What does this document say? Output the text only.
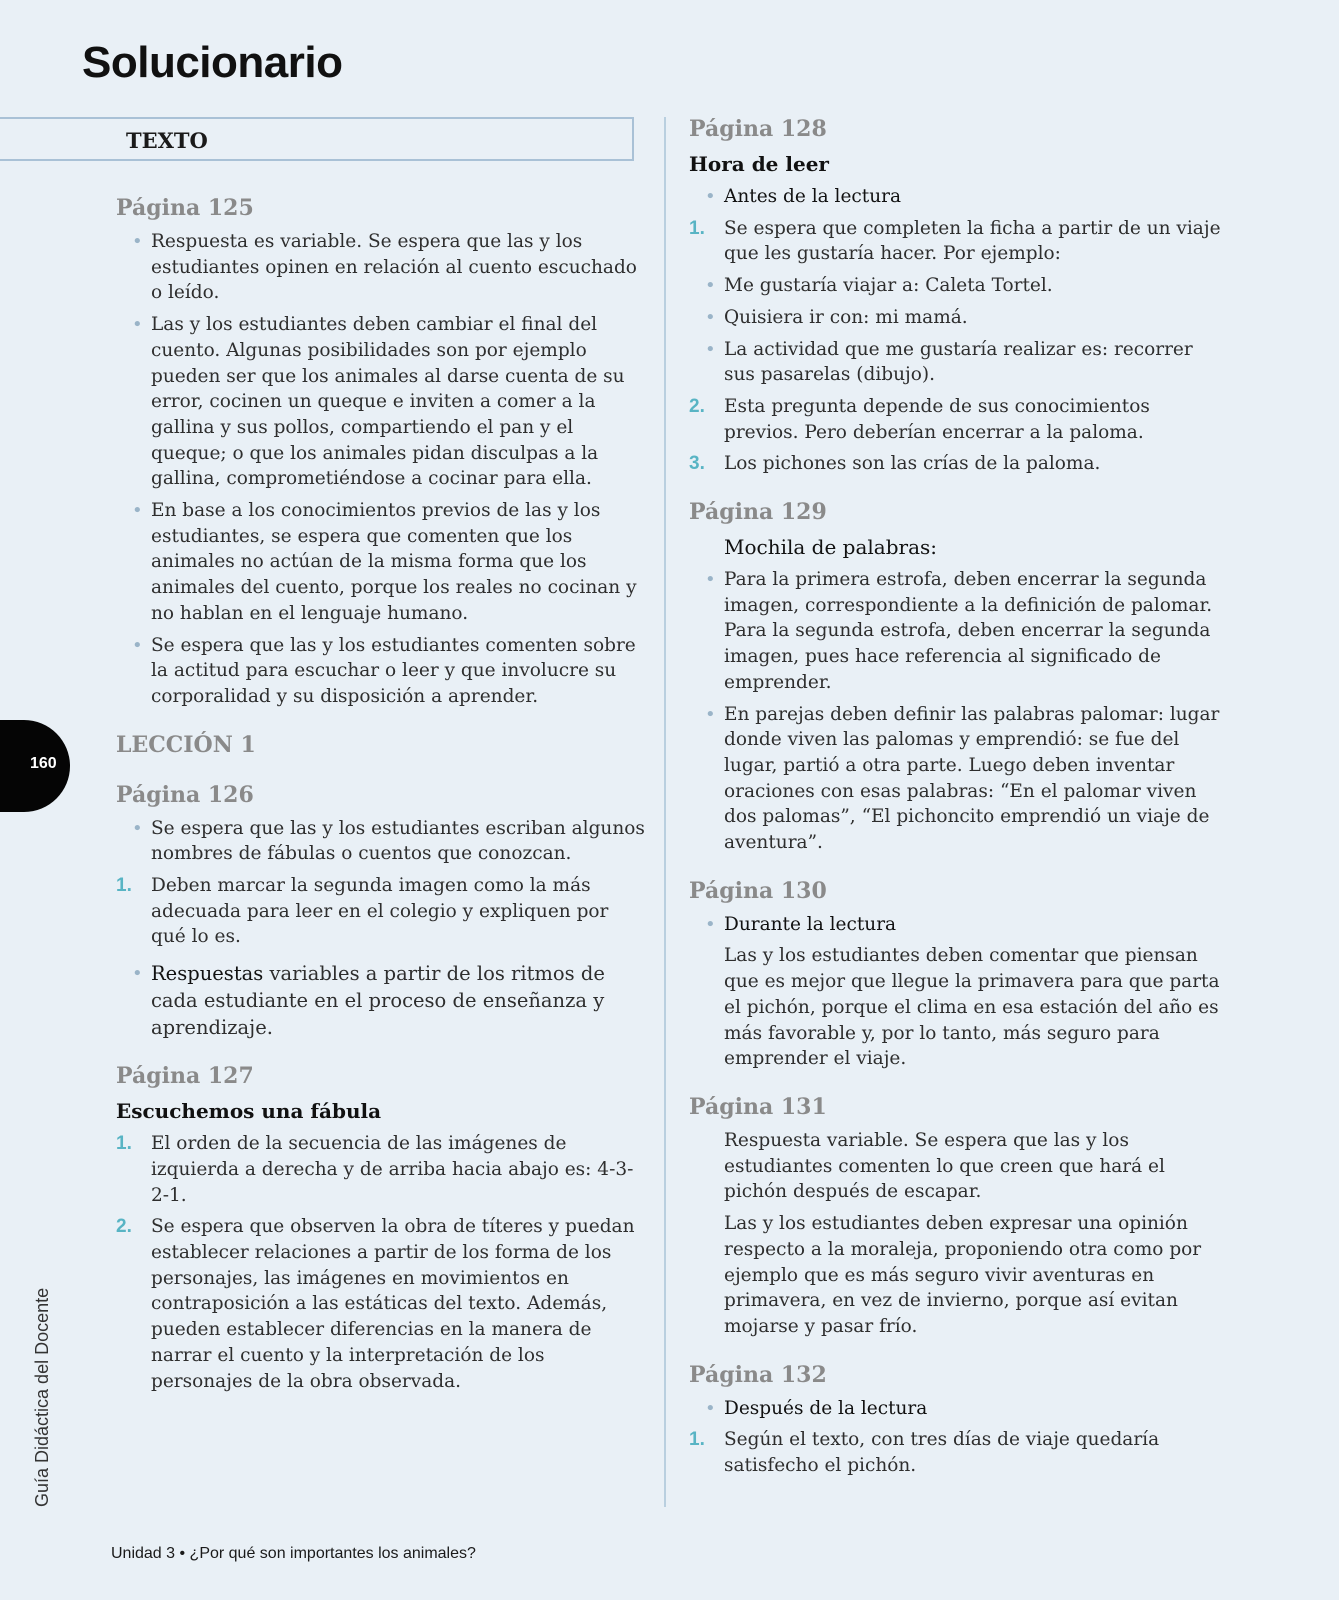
Solucionario
TEXTO
Página 125
• Respuesta es variable. Se espera que las y los estudiantes opinen en relación al cuento escuchado o leído.
• Las y los estudiantes deben cambiar el final del cuento. Algunas posibilidades son por ejemplo pueden ser que los animales al darse cuenta de su error, cocinen un queque e inviten a comer a la gallina y sus pollos, compartiendo el pan y el queque; o que los animales pidan disculpas a la gallina, comprometiéndose a cocinar para ella.
• En base a los conocimientos previos de las y los estudiantes, se espera que comenten que los animales no actúan de la misma forma que los animales del cuento, porque los reales no cocinan y no hablan en el lenguaje humano.
• Se espera que las y los estudiantes comenten sobre la actitud para escuchar o leer y que involucre su corporalidad y su disposición a aprender.
LECCIÓN 1
Página 126
• Se espera que las y los estudiantes escriban algunos nombres de fábulas o cuentos que conozcan.
1. Deben marcar la segunda imagen como la más adecuada para leer en el colegio y expliquen por qué lo es.
• Respuestas variables a partir de los ritmos de cada estudiante en el proceso de enseñanza y aprendizaje.
Página 127
Escuchemos una fábula
1. El orden de la secuencia de las imágenes de izquierda a derecha y de arriba hacia abajo es: 4-3-2-1.
2. Se espera que observen la obra de títeres y puedan establecer relaciones a partir de los forma de los personajes, las imágenes en movimientos en contraposición a las estáticas del texto. Además, pueden establecer diferencias en la manera de narrar el cuento y la interpretación de los personajes de la obra observada.
Página 128
Hora de leer
• Antes de la lectura
1. Se espera que completen la ficha a partir de un viaje que les gustaría hacer. Por ejemplo:
• Me gustaría viajar a: Caleta Tortel.
• Quisiera ir con: mi mamá.
• La actividad que me gustaría realizar es: recorrer sus pasarelas (dibujo).
2. Esta pregunta depende de sus conocimientos previos. Pero deberían encerrar a la paloma.
3. Los pichones son las crías de la paloma.
Página 129
Mochila de palabras:
• Para la primera estrofa, deben encerrar la segunda imagen, correspondiente a la definición de palomar. Para la segunda estrofa, deben encerrar la segunda imagen, pues hace referencia al significado de emprender.
• En parejas deben definir las palabras palomar: lugar donde viven las palomas y emprendió: se fue del lugar, partió a otra parte. Luego deben inventar oraciones con esas palabras: “En el palomar viven dos palomas”, “El pichoncito emprendió un viaje de aventura”.
Página 130
• Durante la lectura
Las y los estudiantes deben comentar que piensan que es mejor que llegue la primavera para que parta el pichón, porque el clima en esa estación del año es más favorable y, por lo tanto, más seguro para emprender el viaje.
Página 131
Respuesta variable. Se espera que las y los estudiantes comenten lo que creen que hará el pichón después de escapar.
Las y los estudiantes deben expresar una opinión respecto a la moraleja, proponiendo otra como por ejemplo que es más seguro vivir aventuras en primavera, en vez de invierno, porque así evitan mojarse y pasar frío.
Página 132
• Después de la lectura
1. Según el texto, con tres días de viaje quedaría satisfecho el pichón.
160
Guía Didáctica del Docente
Unidad 3 • ¿Por qué son importantes los animales?
